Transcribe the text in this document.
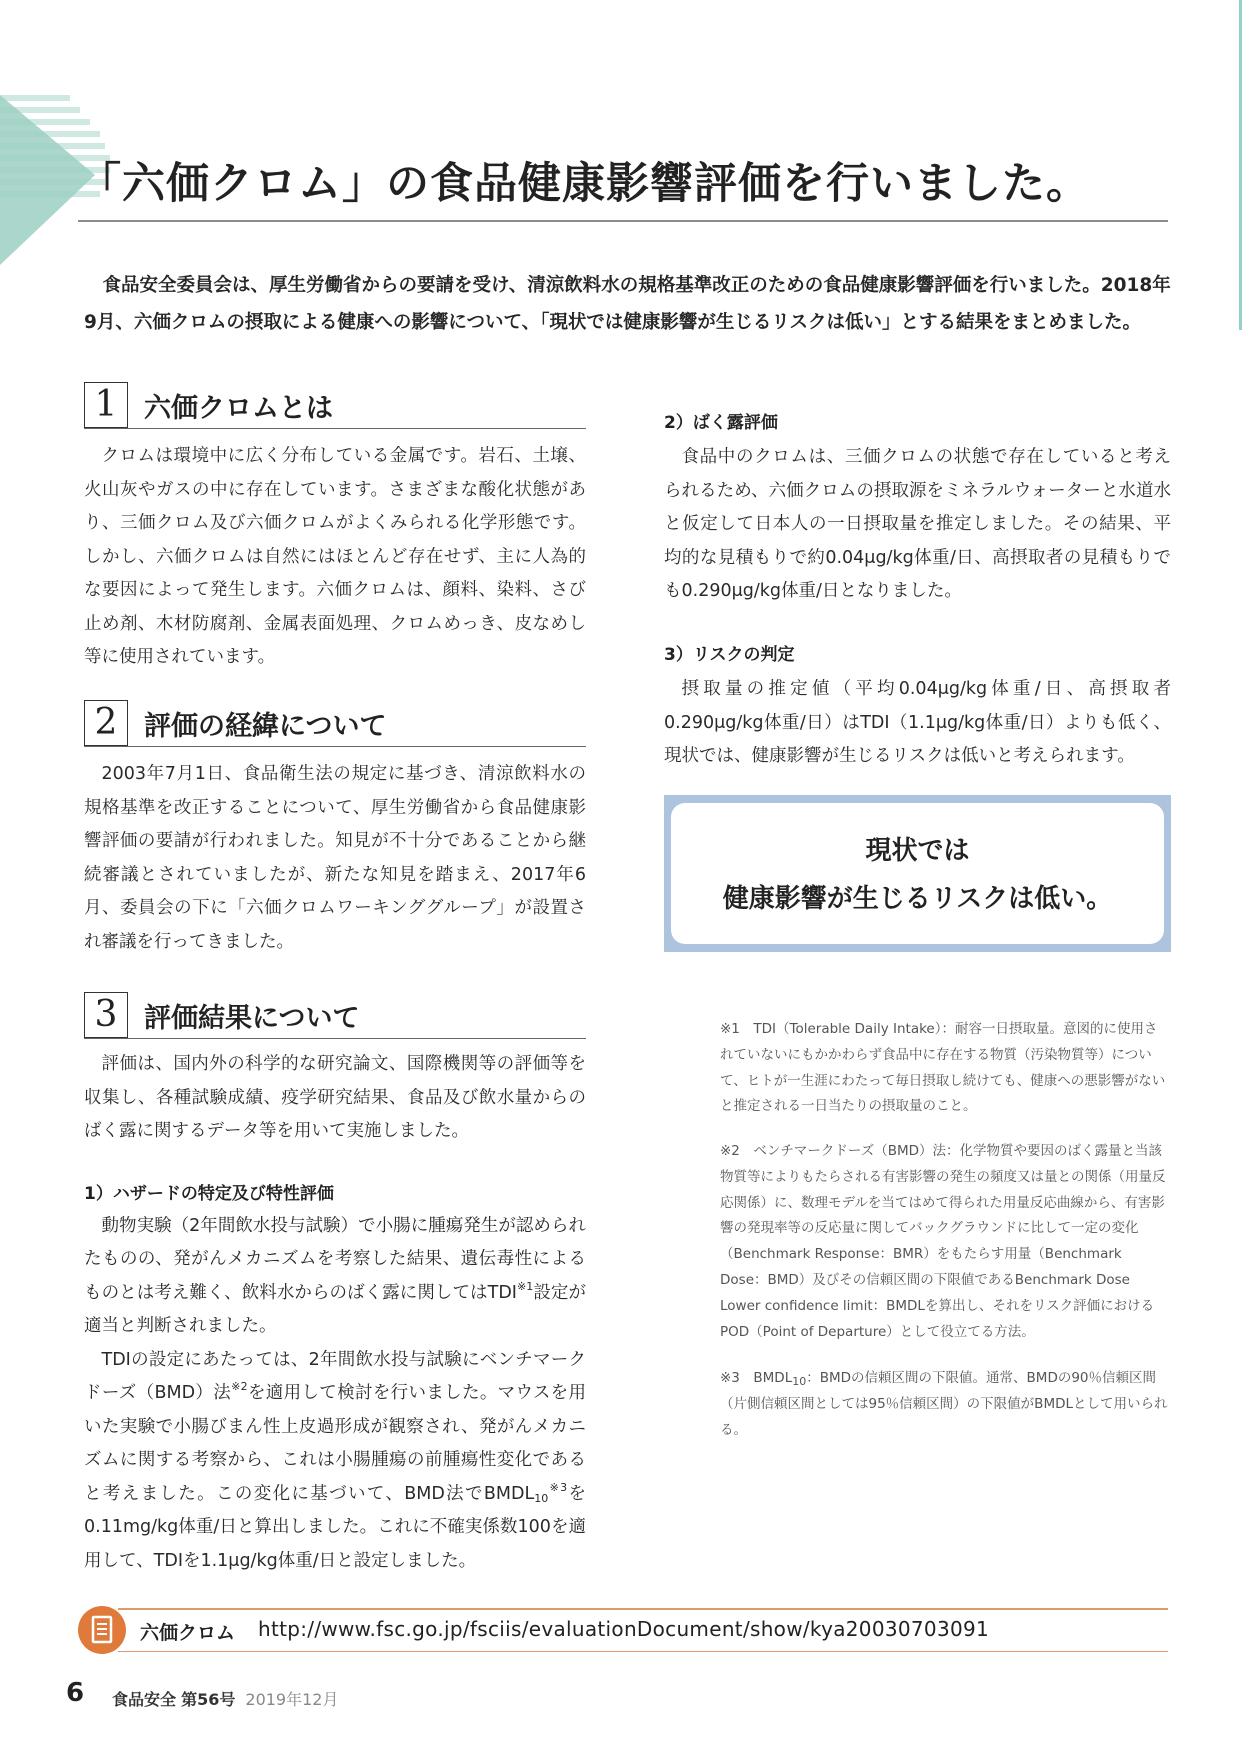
「六価クロム」の食品健康影響評価を行いました。

食品安全委員会は、厚生労働省からの要請を受け、清涼飲料水の規格基準改正のための食品健康影響評価を行いました。2018年9月、六価クロムの摂取による健康への影響について、「現状では健康影響が生じるリスクは低い」とする結果をまとめました。

1 六価クロムとは

クロムは環境中に広く分布している金属です。岩石、土壌、火山灰やガスの中に存在しています。さまざまな酸化状態があり、三価クロム及び六価クロムがよくみられる化学形態です。しかし、六価クロムは自然にはほとんど存在せず、主に人為的な要因によって発生します。六価クロムは、顔料、染料、さび止め剤、木材防腐剤、金属表面処理、クロムめっき、皮なめし等に使用されています。

2 評価の経緯について

2003年7月1日、食品衛生法の規定に基づき、清涼飲料水の規格基準を改正することについて、厚生労働省から食品健康影響評価の要請が行われました。知見が不十分であることから継続審議とされていましたが、新たな知見を踏まえ、2017年6月、委員会の下に「六価クロムワーキンググループ」が設置され審議を行ってきました。

3 評価結果について

評価は、国内外の科学的な研究論文、国際機関等の評価等を収集し、各種試験成績、疫学研究結果、食品及び飲水量からのばく露に関するデータ等を用いて実施しました。

1）ハザードの特定及び特性評価

動物実験（2年間飲水投与試験）で小腸に腫瘍発生が認められたものの、発がんメカニズムを考察した結果、遺伝毒性によるものとは考え難く、飲料水からのばく露に関してはTDI$^{※1}$設定が適当と判断されました。

TDIの設定にあたっては、2年間飲水投与試験にベンチマークドーズ（BMD）法$^{※2}$を適用して検討を行いました。マウスを用いた実験で小腸びまん性上皮過形成が観察され、発がんメカニズムに関する考察から、これは小腸腫瘍の前腫瘍性変化であると考えました。この変化に基づいて、BMD法で$BMDL_{10}^{※3}$を0.11mg/kg体重/日と算出しました。これに不確実係数100を適用して、TDIを1.1μg/kg体重/日と設定しました。

2）ばく露評価

食品中のクロムは、三価クロムの状態で存在していると考えられるため、六価クロムの摂取源をミネラルウォーターと水道水と仮定して日本人の一日摂取量を推定しました。その結果、平均的な見積もりで約0.04μg/kg体重/日、高摂取者の見積もりでも0.290μg/kg体重/日となりました。

3）リスクの判定

摂取量の推定値（平均0.04μg/kg体重/日、高摂取者0.290μg/kg体重/日）はTDI（1.1μg/kg体重/日）よりも低く、現状では、健康影響が生じるリスクは低いと考えられます。

現状では
健康影響が生じるリスクは低い。
※1　TDI（Tolerable Daily Intake）：耐容一日摂取量。意図的に使用されていないにもかかわらず食品中に存在する物質（汚染物質等）について、ヒトが一生涯にわたって毎日摂取し続けても、健康への悪影響がないと推定される一日当たりの摂取量のこと。
※2　ベンチマークドーズ（BMD）法：化学物質や要因のばく露量と当該物質等によりもたらされる有害影響の発生の頻度又は量との関係（用量反応関係）に、数理モデルを当てはめて得られた用量反応曲線から、有害影響の発現率等の反応量に関してバックグラウンドに比して一定の変化（Benchmark Response：BMR）をもたらす用量（Benchmark Dose：BMD）及びその信頼区間の下限値であるBenchmark Dose Lower confidence limit：BMDLを算出し、それをリスク評価におけるPOD（Point of Departure）として役立てる方法。
※3　$BMDL_{10}$：BMDの信頼区間の下限値。通常、BMDの90％信頼区間（片側信頼区間としては95％信頼区間）の下限値がBMDLとして用いられる。
六価クロム http://www.fsc.go.jp/fsciis/evaluationDocument/show/kya20030703091
6 食品安全 第56号 2019年12月
